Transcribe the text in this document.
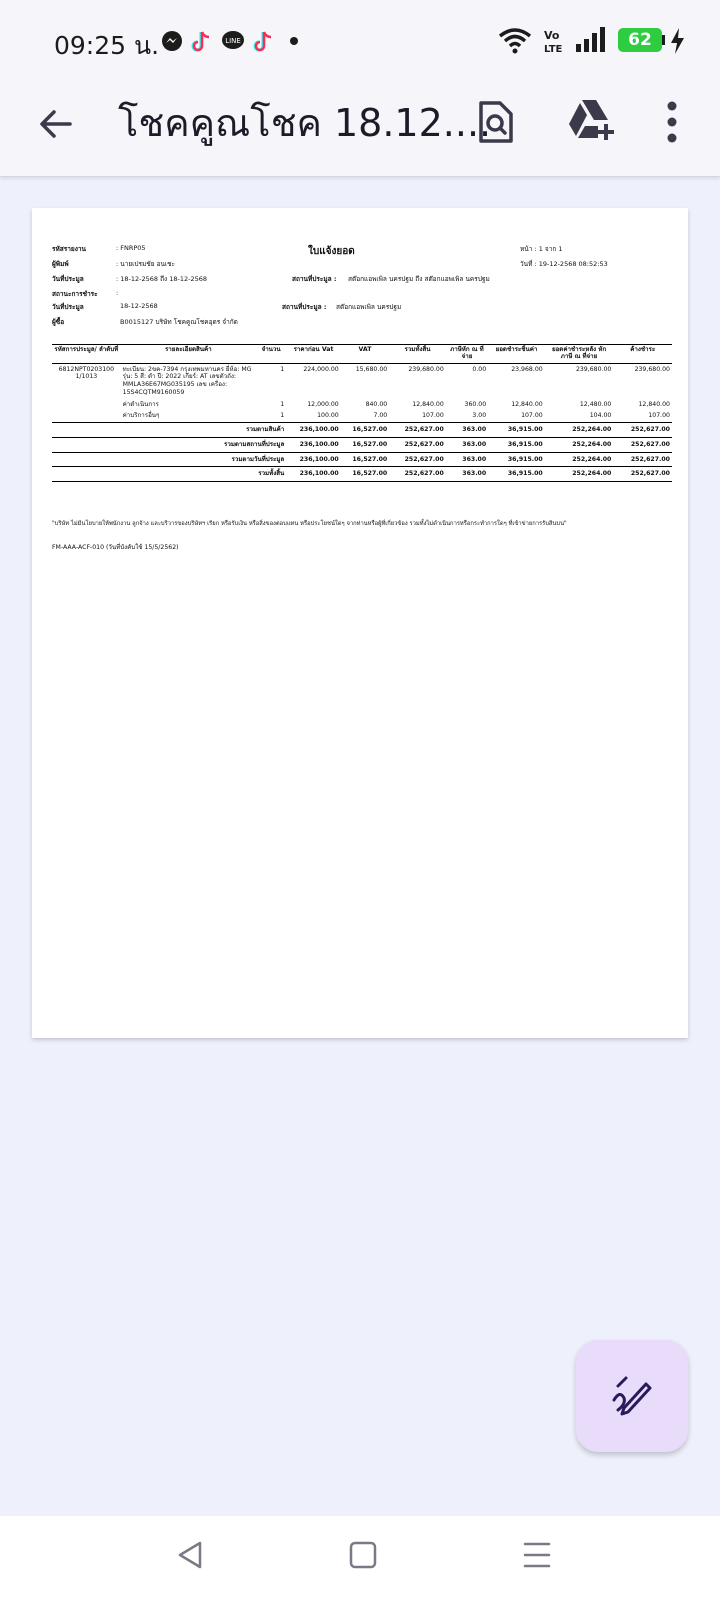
09:25 น.	LINE	Vo
LTE	62
โชคคูณโชค 18.12....
ใบแจ้งยอด
รหัสรายงาน	: FNRP05	หน้า : 1 จาก 1
ผู้พิมพ์	: นายเปรมชัย อนเชะ	วันที่ : 19-12-2568 08:52:53
วันที่ประมูล	: 18-12-2568 ถึง 18-12-2568	สถานที่ประมูล : สต๊อกแอพเพิล นครปฐม ถึง สต๊อกแอพเพิล นครปฐม
สถานะการชำระ	:
วันที่ประมูล	18-12-2568	สถานที่ประมูล : สต๊อกแอพเพิล นครปฐม
ผู้ซื้อ	B0015127 บริษัท โชคคูณโชคอุดร จำกัด
รหัสการประมูล/ ลำดับที่	รายละเอียดสินค้า	จำนวน	ราคาก่อน Vat	VAT	รวมทั้งสิ้น	ภาษีหัก ณ ที่จ่าย	ยอดชำระชิ้นค่า	ยอดค่าชำระหลัง หักภาษี ณ ที่จ่าย	ค้างชำระ
6812NPT0203100 1/1013	ทะเบียน: 2ขค-7394 กรุงเทพมหานคร ยี่ห้อ: MG รุ่น: 5 สี: ดำ ปี: 2022 เกียร์: AT เลขตัวถัง: MMLA36E67MG035195 เลข เครื่อง: 15S4CQTM9160059	1	224,000.00	15,680.00	239,680.00	0.00	23,968.00	239,680.00	239,680.00
	ค่าดำเนินการ	1	12,000.00	840.00	12,840.00	360.00	12,840.00	12,480.00	12,840.00
	ค่าบริการอื่นๆ	1	100.00	7.00	107.00	3.00	107.00	104.00	107.00
รวมตามสินค้า			236,100.00	16,527.00	252,627.00	363.00	36,915.00	252,264.00	252,627.00
รวมตามสถานที่ประมูล			236,100.00	16,527.00	252,627.00	363.00	36,915.00	252,264.00	252,627.00
รวมตามวันที่ประมูล			236,100.00	16,527.00	252,627.00	363.00	36,915.00	252,264.00	252,627.00
รวมทั้งสิ้น			236,100.00	16,527.00	252,627.00	363.00	36,915.00	252,264.00	252,627.00
"บริษัท ไม่มีนโยบายให้พนักงาน ลูกจ้าง และบริวารของบริษัทฯ เรียก หรือรับเงิน หรือสิ่งของตอบแทน หรือประโยชน์ใดๆ จากท่านหรือผู้ที่เกี่ยวข้อง รวมทั้งไม่ดำเนินการหรือกระทำการใดๆ ที่เข้าข่ายการรับสินบน"
FM-AAA-ACF-010 (วันที่บังคับใช้ 15/5/2562)
